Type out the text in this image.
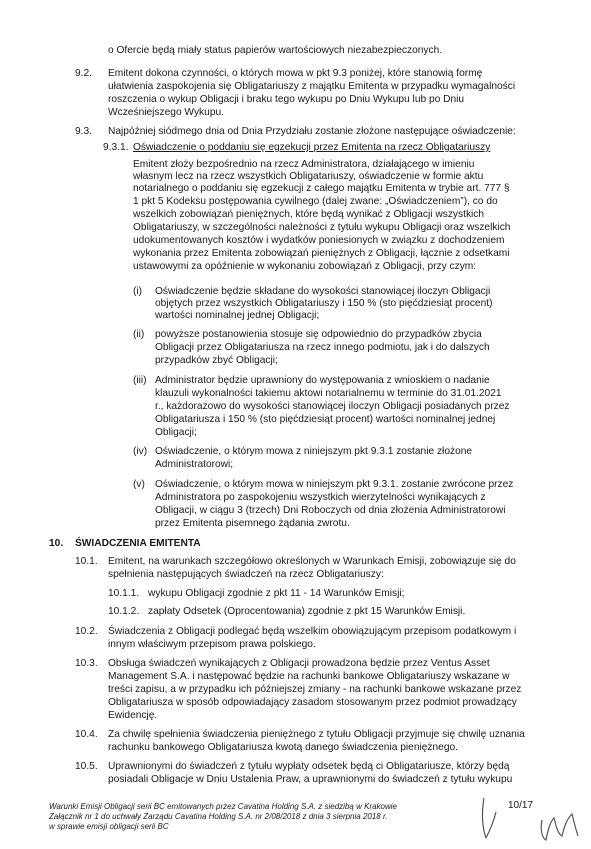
o Ofercie będą miały status papierów wartościowych niezabezpieczonych.
9.2. Emitent dokona czynności, o których mowa w pkt 9.3 poniżej, które stanowią formę
ułatwienia zaspokojenia się Obligatariuszy z majątku Emitenta w przypadku wymagalności
roszczenia o wykup Obligacji i braku tego wykupu po Dniu Wykupu lub po Dniu
Wcześniejszego Wykupu.
9.3. Najpóźniej siódmego dnia od Dnia Przydziału zostanie złożone następujące oświadczenie:
9.3.1. Oświadczenie o poddaniu się egzekucji przez Emitenta na rzecz Obligatariuszy
Emitent złoży bezpośrednio na rzecz Administratora, działającego w imieniu
własnym lecz na rzecz wszystkich Obligatariuszy, oświadczenie w formie aktu
notarialnego o poddaniu się egzekucji z całego majątku Emitenta w trybie art. 777 §
1 pkt 5 Kodeksu postępowania cywilnego (dalej zwane: „Oświadczeniem”), co do
wszelkich zobowiązań pieniężnych, które będą wynikać z Obligacji wszystkich
Obligatariuszy, w szczególności należności z tytułu wykupu Obligacji oraz wszelkich
udokumentowanych kosztów i wydatków poniesionych w związku z dochodzeniem
wykonania przez Emitenta zobowiązań pieniężnych z Obligacji, łącznie z odsetkami
ustawowymi za opóźnienie w wykonaniu zobowiązań z Obligacji, przy czym:
(i) Oświadczenie będzie składane do wysokości stanowiącej iloczyn Obligacji
objętych przez wszystkich Obligatariuszy i 150 % (sto pięćdziesiąt procent)
wartości nominalnej jednej Obligacji;
(ii) powyższe postanowienia stosuje się odpowiednio do przypadków zbycia
Obligacji przez Obligatariusza na rzecz innego podmiotu, jak i do dalszych
przypadków zbyć Obligacji;
(iii) Administrator będzie uprawniony do występowania z wnioskiem o nadanie
klauzuli wykonalności takiemu aktowi notarialnemu w terminie do 31.01.2021
r., każdorazowo do wysokości stanowiącej iloczyn Obligacji posiadanych przez
Obligatariusza i 150 % (sto pięćdziesiąt procent) wartości nominalnej jednej
Obligacji;
(iv) Oświadczenie, o którym mowa z niniejszym pkt 9.3.1 zostanie złożone
Administratorowi;
(v) Oświadczenie, o którym mowa w niniejszym pkt 9.3.1. zostanie zwrócone przez
Administratora po zaspokojeniu wszystkich wierzytelności wynikających z
Obligacji, w ciągu 3 (trzech) Dni Roboczych od dnia złożenia Administratorowi
przez Emitenta pisemnego żądania zwrotu.
10. ŚWIADCZENIA EMITENTA
10.1. Emitent, na warunkach szczegółowo określonych w Warunkach Emisji, zobowiązuje się do
spełnienia następujących świadczeń na rzecz Obligatariuszy:
10.1.1. wykupu Obligacji zgodnie z pkt 11 - 14 Warunków Emisji;
10.1.2. zapłaty Odsetek (Oprocentowania) zgodnie z pkt 15 Warunków Emisji.
10.2. Świadczenia z Obligacji podlegać będą wszelkim obowiązującym przepisom podatkowym i
innym właściwym przepisom prawa polskiego.
10.3. Obsługa świadczeń wynikających z Obligacji prowadzona będzie przez Ventus Asset
Management S.A. i następować będzie na rachunki bankowe Obligatariuszy wskazane w
treści zapisu, a w przypadku ich późniejszej zmiany - na rachunki bankowe wskazane przez
Obligatariusza w sposób odpowiadający zasadom stosowanym przez podmiot prowadzący
Ewidencję.
10.4. Za chwilę spełnienia świadczenia pieniężnego z tytułu Obligacji przyjmuje się chwilę uznania
rachunku bankowego Obligatariusza kwotą danego świadczenia pieniężnego.
10.5. Uprawnionymi do świadczeń z tytułu wypłaty odsetek będą ci Obligatariusze, którzy będą
posiadali Obligacje w Dniu Ustalenia Praw, a uprawnionymi do świadczeń z tytułu wykupu
Warunki Emisji Obligacji serii BC emitowanych przez Cavatina Holding S.A. z siedzibą w Krakowie
Załącznik nr 1 do uchwały Zarządu Cavatina Holding S.A. nr 2/08/2018 z dnia 3 sierpnia 2018 r.
w sprawie emisji obligacji serii BC
10/17
